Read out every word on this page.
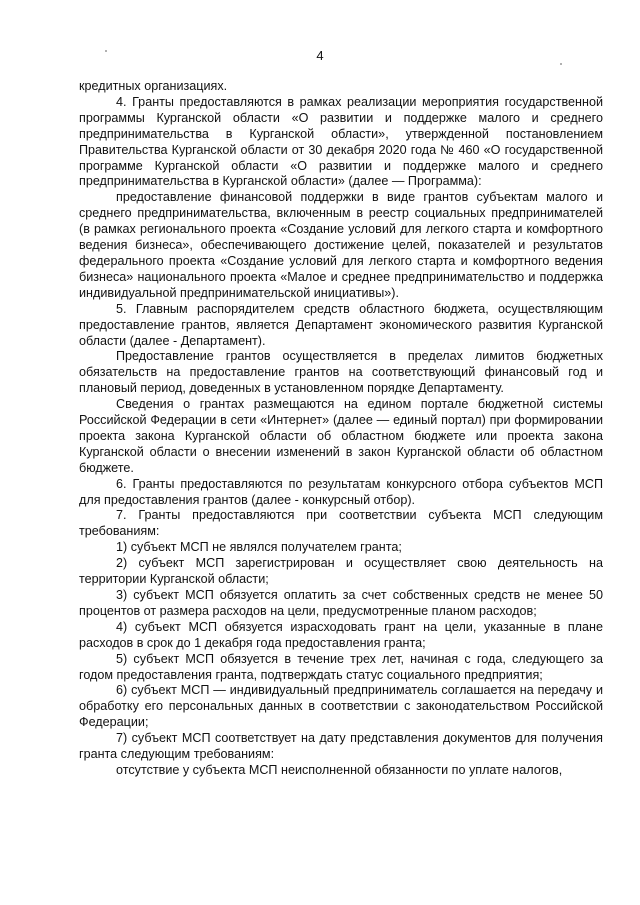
4

кредитных организациях.

4. Гранты предоставляются в рамках реализации мероприятия государственной программы Курганской области «О развитии и поддержке малого и среднего предпринимательства в Курганской области», утвержденной постановлением Правительства Курганской области от 30 декабря 2020 года № 460 «О государственной программе Курганской области «О развитии и поддержке малого и среднего предпринимательства в Курганской области» (далее — Программа):

предоставление финансовой поддержки в виде грантов субъектам малого и среднего предпринимательства, включенным в реестр социальных предпринимателей (в рамках регионального проекта «Создание условий для легкого старта и комфортного ведения бизнеса», обеспечивающего достижение целей, показателей и результатов федерального проекта «Создание условий для легкого старта и комфортного ведения бизнеса» национального проекта «Малое и среднее предпринимательство и поддержка индивидуальной предпринимательской инициативы»).

5. Главным распорядителем средств областного бюджета, осуществляющим предоставление грантов, является Департамент экономического развития Курганской области (далее - Департамент).

Предоставление грантов осуществляется в пределах лимитов бюджетных обязательств на предоставление грантов на соответствующий финансовый год и плановый период, доведенных в установленном порядке Департаменту.

Сведения о грантах размещаются на едином портале бюджетной системы Российской Федерации в сети «Интернет» (далее — единый портал) при формировании проекта закона Курганской области об областном бюджете или проекта закона Курганской области о внесении изменений в закон Курганской области об областном бюджете.

6. Гранты предоставляются по результатам конкурсного отбора субъектов МСП для предоставления грантов (далее - конкурсный отбор).

7. Гранты предоставляются при соответствии субъекта МСП следующим требованиям:

1) субъект МСП не являлся получателем гранта;

2) субъект МСП зарегистрирован и осуществляет свою деятельность на территории Курганской области;

3) субъект МСП обязуется оплатить за счет собственных средств не менее 50 процентов от размера расходов на цели, предусмотренные планом расходов;

4) субъект МСП обязуется израсходовать грант на цели, указанные в плане расходов в срок до 1 декабря года предоставления гранта;

5) субъект МСП обязуется в течение трех лет, начиная с года, следующего за годом предоставления гранта, подтверждать статус социального предприятия;

6) субъект МСП — индивидуальный предприниматель соглашается на передачу и обработку его персональных данных в соответствии с законодательством Российской Федерации;

7) субъект МСП соответствует на дату представления документов для получения гранта следующим требованиям:

отсутствие у субъекта МСП неисполненной обязанности по уплате налогов,
